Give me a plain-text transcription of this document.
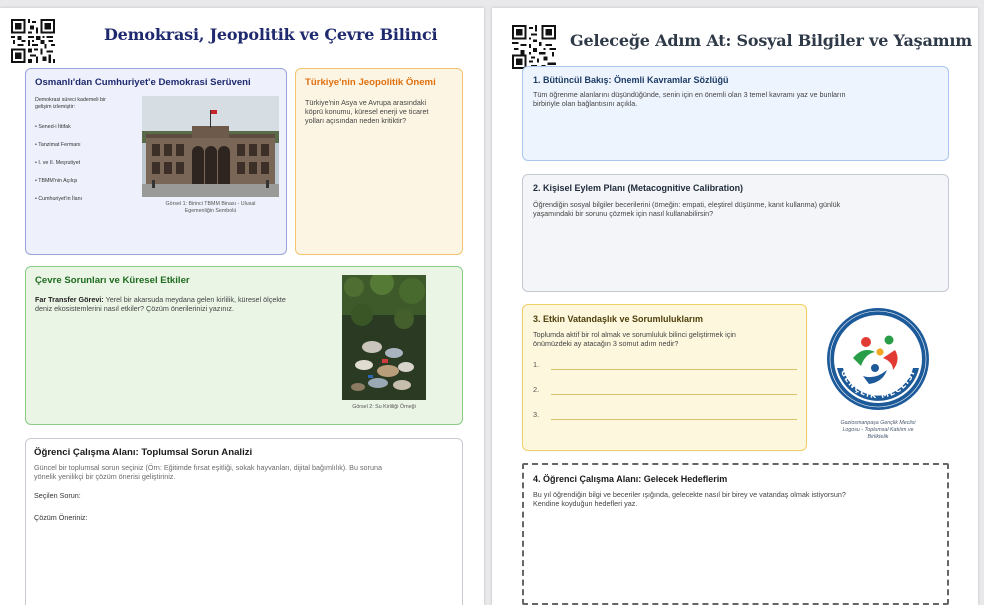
Demokrasi, Jeopolitik ve Çevre Bilinci
Osmanlı'dan Cumhuriyet'e Demokrasi Serüveni
Demokrasi süreci kademeli bir
gelişim izlemiştir:
• Sened-i İttifak
• Tanzimat Fermanı
• I. ve II. Meşrutiyet
• TBMM'nin Açılışı
• Cumhuriyet'in İlanı
Görsel 1: Birinci TBMM Binası - Ulusal
Egemenliğin Sembolü
Türkiye'nin Jeopolitik Önemi
Türkiye'nin Asya ve Avrupa arasındaki
köprü konumu, küresel enerji ve ticaret
yolları açısından neden kritiktir?
Çevre Sorunları ve Küresel Etkiler
Far Transfer Görevi: Yerel bir akarsuda meydana gelen kirlilik, küresel ölçekte
deniz ekosistemlerini nasıl etkiler? Çözüm önerilerinizi yazınız.
Görsel 2: Su Kirliliği Örneği
Öğrenci Çalışma Alanı: Toplumsal Sorun Analizi
Güncel bir toplumsal sorun seçiniz (Örn: Eğitimde fırsat eşitliği, sokak hayvanları, dijital bağımlılık). Bu soruna
yönelik yenilikçi bir çözüm önerisi geliştiriniz.
Seçilen Sorun:
Çözüm Öneriniz:
Geleceğe Adım At: Sosyal Bilgiler ve Yaşamım
1. Bütüncül Bakış: Önemli Kavramlar Sözlüğü
Tüm öğrenme alanlarını düşündüğünde, senin için en önemli olan 3 temel kavramı yaz ve bunların
birbiriyle olan bağlantısını açıkla.
2. Kişisel Eylem Planı (Metacognitive Calibration)
Öğrendiğin sosyal bilgiler becerilerini (örneğin: empati, eleştirel düşünme, kanıt kullanma) günlük
yaşamındaki bir sorunu çözmek için nasıl kullanabilirsin?
3. Etkin Vatandaşlık ve Sorumluluklarım
Toplumda aktif bir rol almak ve sorumluluk bilinci geliştirmek için
önümüzdeki ay atacağın 3 somut adım nedir?
1.
2.
3.
GAZİOSMANPAŞA
GENÇLİK MECLİSİ
Gaziosmanpaşa Gençlik Meclisi
Logosu - Toplumsal Katılım ve
Birliktelik
4. Öğrenci Çalışma Alanı: Gelecek Hedeflerim
Bu yıl öğrendiğin bilgi ve beceriler ışığında, gelecekte nasıl bir birey ve vatandaş olmak istiyorsun?
Kendine koyduğun hedefleri yaz.
